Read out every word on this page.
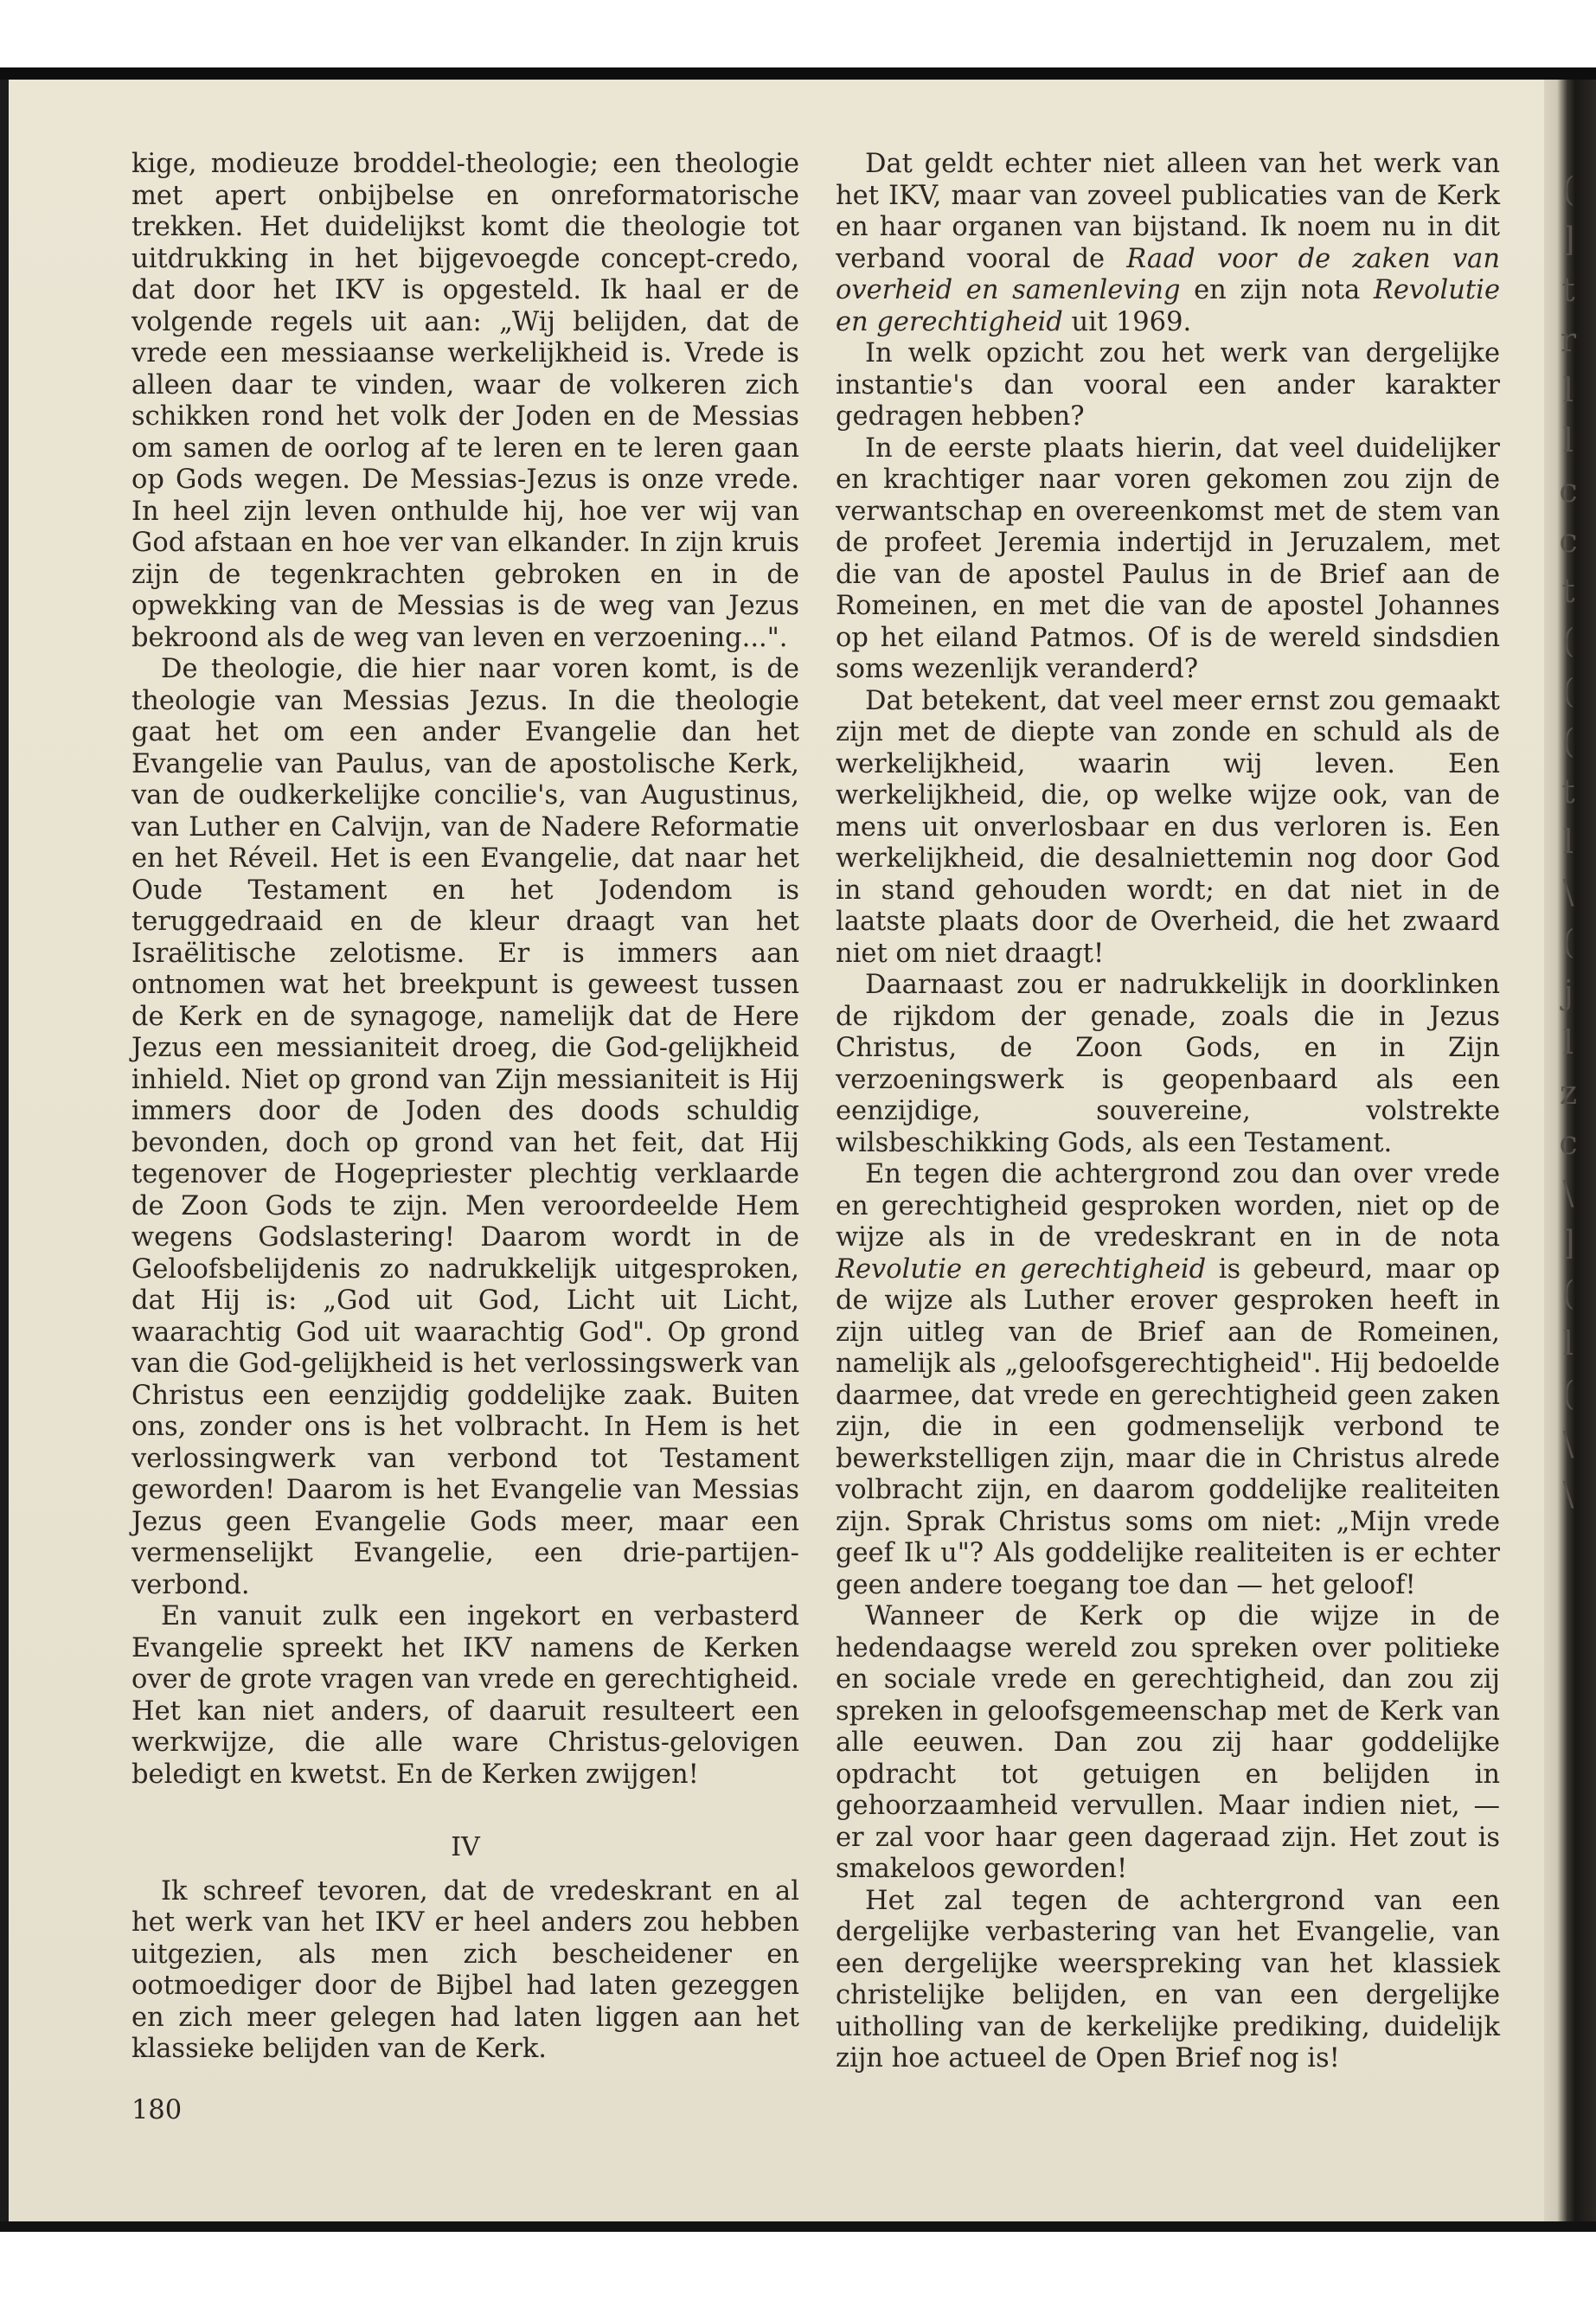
(
]
t
r
l
l
c
c
t
(
(
(
t
l
\
(
j
l
z
c
\
]
(
l
(
\
\

kige, modieuze broddel-theologie; een theologie met apert onbijbelse en onreformatorische trekken. Het duidelijkst komt die theologie tot uitdrukking in het bijgevoegde concept-credo, dat door het IKV is opgesteld. Ik haal er de volgende regels uit aan: „Wij belijden, dat de vrede een messiaanse werkelijkheid is. Vrede is alleen daar te vinden, waar de volkeren zich schikken rond het volk der Joden en de Messias om samen de oorlog af te leren en te leren gaan op Gods wegen. De Messias-Jezus is onze vrede. In heel zijn leven onthulde hij, hoe ver wij van God afstaan en hoe ver van elkander. In zijn kruis zijn de tegenkrachten gebroken en in de opwekking van de Messias is de weg van Jezus bekroond als de weg van leven en verzoening...".

De theologie, die hier naar voren komt, is de theologie van Messias Jezus. In die theologie gaat het om een ander Evangelie dan het Evangelie van Paulus, van de apostolische Kerk, van de oudkerkelijke concilie's, van Augustinus, van Luther en Calvijn, van de Nadere Reformatie en het Réveil. Het is een Evangelie, dat naar het Oude Testament en het Jodendom is teruggedraaid en de kleur draagt van het Israëlitische zelotisme. Er is immers aan ontnomen wat het breekpunt is geweest tussen de Kerk en de synagoge, namelijk dat de Here Jezus een messianiteit droeg, die God-gelijkheid inhield. Niet op grond van Zijn messianiteit is Hij immers door de Joden des doods schuldig bevonden, doch op grond van het feit, dat Hij tegenover de Hogepriester plechtig verklaarde de Zoon Gods te zijn. Men veroordeelde Hem wegens Godslastering! Daarom wordt in de Geloofsbelijdenis zo nadrukkelijk uitgesproken, dat Hij is: „God uit God, Licht uit Licht, waarachtig God uit waarachtig God". Op grond van die God-gelijkheid is het verlossingswerk van Christus een eenzijdig goddelijke zaak. Buiten ons, zonder ons is het volbracht. In Hem is het verlossingwerk van verbond tot Testament geworden! Daarom is het Evangelie van Messias Jezus geen Evangelie Gods meer, maar een vermenselijkt Evangelie, een drie-partijen-verbond.

En vanuit zulk een ingekort en verbasterd Evangelie spreekt het IKV namens de Kerken over de grote vragen van vrede en gerechtigheid. Het kan niet anders, of daaruit resulteert een werkwijze, die alle ware Christus-gelovigen beledigt en kwetst. En de Kerken zwijgen!

IV

Ik schreef tevoren, dat de vredeskrant en al het werk van het IKV er heel anders zou hebben uitgezien, als men zich bescheidener en ootmoediger door de Bijbel had laten gezeggen en zich meer gelegen had laten liggen aan het klassieke belijden van de Kerk.

Dat geldt echter niet alleen van het werk van het IKV, maar van zoveel publicaties van de Kerk en haar organen van bijstand. Ik noem nu in dit verband vooral de Raad voor de zaken van overheid en samenleving en zijn nota Revolutie en gerechtigheid uit 1969.

In welk opzicht zou het werk van dergelijke instantie's dan vooral een ander karakter gedragen hebben?

In de eerste plaats hierin, dat veel duidelijker en krachtiger naar voren gekomen zou zijn de verwantschap en overeenkomst met de stem van de profeet Jeremia indertijd in Jeruzalem, met die van de apostel Paulus in de Brief aan de Romeinen, en met die van de apostel Johannes op het eiland Patmos. Of is de wereld sindsdien soms wezenlijk veranderd?

Dat betekent, dat veel meer ernst zou gemaakt zijn met de diepte van zonde en schuld als de werkelijkheid, waarin wij leven. Een werkelijkheid, die, op welke wijze ook, van de mens uit onverlosbaar en dus verloren is. Een werkelijkheid, die desalniettemin nog door God in stand gehouden wordt; en dat niet in de laatste plaats door de Overheid, die het zwaard niet om niet draagt!

Daarnaast zou er nadrukkelijk in doorklinken de rijkdom der genade, zoals die in Jezus Christus, de Zoon Gods, en in Zijn verzoeningswerk is geopenbaard als een eenzijdige, souvereine, volstrekte wilsbeschikking Gods, als een Testament.

En tegen die achtergrond zou dan over vrede en gerechtigheid gesproken worden, niet op de wijze als in de vredeskrant en in de nota Revolutie en gerechtigheid is gebeurd, maar op de wijze als Luther erover gesproken heeft in zijn uitleg van de Brief aan de Romeinen, namelijk als „geloofsgerechtigheid". Hij bedoelde daarmee, dat vrede en gerechtigheid geen zaken zijn, die in een godmenselijk verbond te bewerkstelligen zijn, maar die in Christus alrede volbracht zijn, en daarom goddelijke realiteiten zijn. Sprak Christus soms om niet: „Mijn vrede geef Ik u"? Als goddelijke realiteiten is er echter geen andere toegang toe dan — het geloof!

Wanneer de Kerk op die wijze in de hedendaagse wereld zou spreken over politieke en sociale vrede en gerechtigheid, dan zou zij spreken in geloofsgemeenschap met de Kerk van alle eeuwen. Dan zou zij haar goddelijke opdracht tot getuigen en belijden in gehoorzaamheid vervullen. Maar indien niet, — er zal voor haar geen dageraad zijn. Het zout is smakeloos geworden!

Het zal tegen de achtergrond van een dergelijke verbastering van het Evangelie, van een dergelijke weerspreking van het klassiek christelijke belijden, en van een dergelijke uitholling van de kerkelijke prediking, duidelijk zijn hoe actueel de Open Brief nog is!

180
